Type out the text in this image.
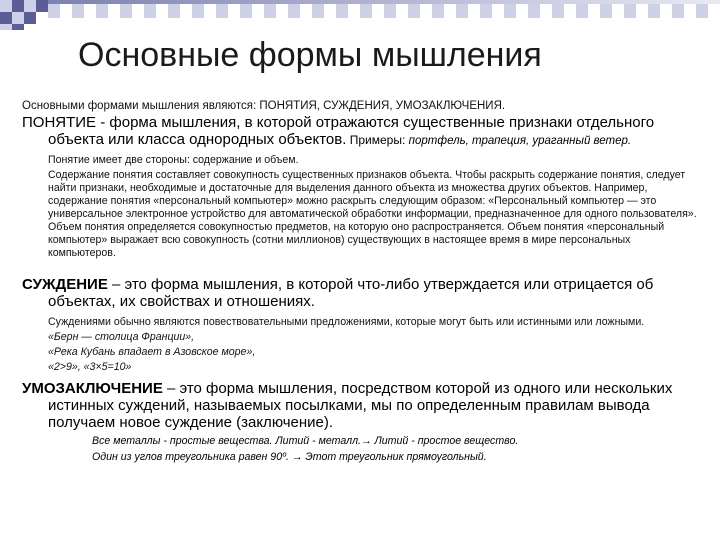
Основные формы мышления
Основными формами мышления являются: ПОНЯТИЯ, СУЖДЕНИЯ, УМОЗАКЛЮЧЕНИЯ.
ПОНЯТИЕ - форма мышления, в которой отражаются существенные признаки отдельного объекта или класса однородных объектов. Примеры: портфель, трапеция, ураганный ветер.

Понятие имеет две стороны: содержание и объем.

Содержание понятия составляет совокупность существенных признаков объекта. Чтобы раскрыть содержание понятия, следует найти признаки, необходимые и достаточные для выделения данного объекта из множества других объектов. Например, содержание понятия «персональный компьютер» можно раскрыть следующим образом: «Персональный компьютер — это универсальное электронное устройство для автоматической обработки информации, предназначенное для одного пользователя».

Объем понятия определяется совокупностью предметов, на которую оно распространяется. Объем понятия «персональный компьютер» выражает всю совокупность (сотни миллионов) существующих в настоящее время в мире персональных компьютеров.

СУЖДЕНИЕ – это форма мышления, в которой что-либо утверждается или отрицается об объектах, их свойствах и отношениях.

Суждениями обычно являются повествовательными предложениями, которые могут быть или истинными или ложными.

«Берн — столица Франции»,

«Река Кубань впадает в Азовское море»,

«2>9», «3×5=10»

УМОЗАКЛЮЧЕНИЕ – это форма мышления, посредством которой из одного или нескольких истинных суждений, называемых посылками, мы по определенным правилам вывода получаем новое суждение (заключение).

Все металлы - простые вещества. Литий - металл.→ Литий - простое вещество.

Один из углов треугольника равен 90º. → Этот треугольник прямоугольный.
